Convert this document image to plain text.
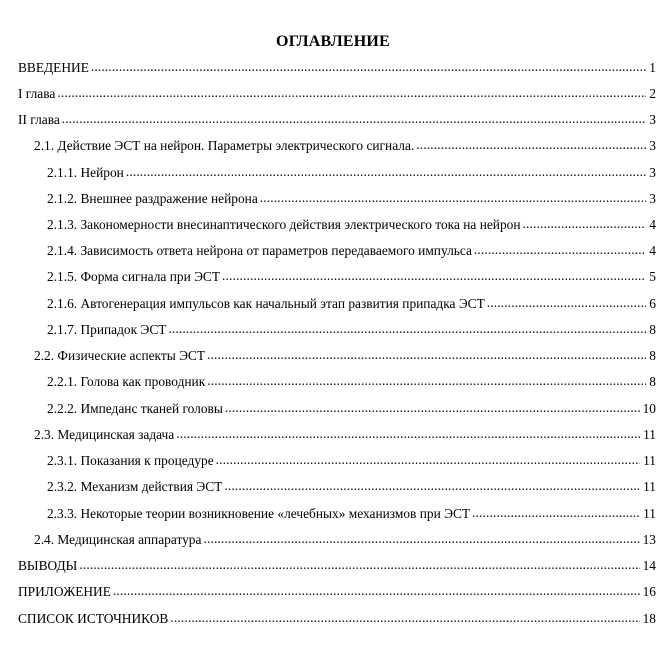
ОГЛАВЛЕНИЕ
ВВЕДЕНИЕ . . .	1
I глава . . .	2
II глава . . .	3
2.1. Действие ЭСТ на нейрон. Параметры электрического сигнала. . . .	3
2.1.1. Нейрон . . .	3
2.1.2. Внешнее раздражение нейрона . . .	3
2.1.3. Закономерности внесинаптического действия электрического тока на нейрон . . .	4
2.1.4. Зависимость ответа нейрона от параметров передаваемого импульса . . .	4
2.1.5. Форма сигнала при ЭСТ . . .	5
2.1.6. Автогенерация импульсов как начальный этап развития припадка ЭСТ . . .	6
2.1.7. Припадок ЭСТ . . .	8
2.2. Физические аспекты ЭСТ . . .	8
2.2.1. Голова как проводник . . .	8
2.2.2. Импеданс тканей головы . . .	10
2.3. Медицинская задача . . .	11
2.3.1. Показания к процедуре . . .	11
2.3.2. Механизм действия ЭСТ . . .	11
2.3.3. Некоторые теории возникновение «лечебных» механизмов при ЭСТ . . .	11
2.4. Медицинская аппаратура . . .	13
ВЫВОДЫ . . .	14
ПРИЛОЖЕНИЕ . . .	16
СПИСОК ИСТОЧНИКОВ . . .	18
